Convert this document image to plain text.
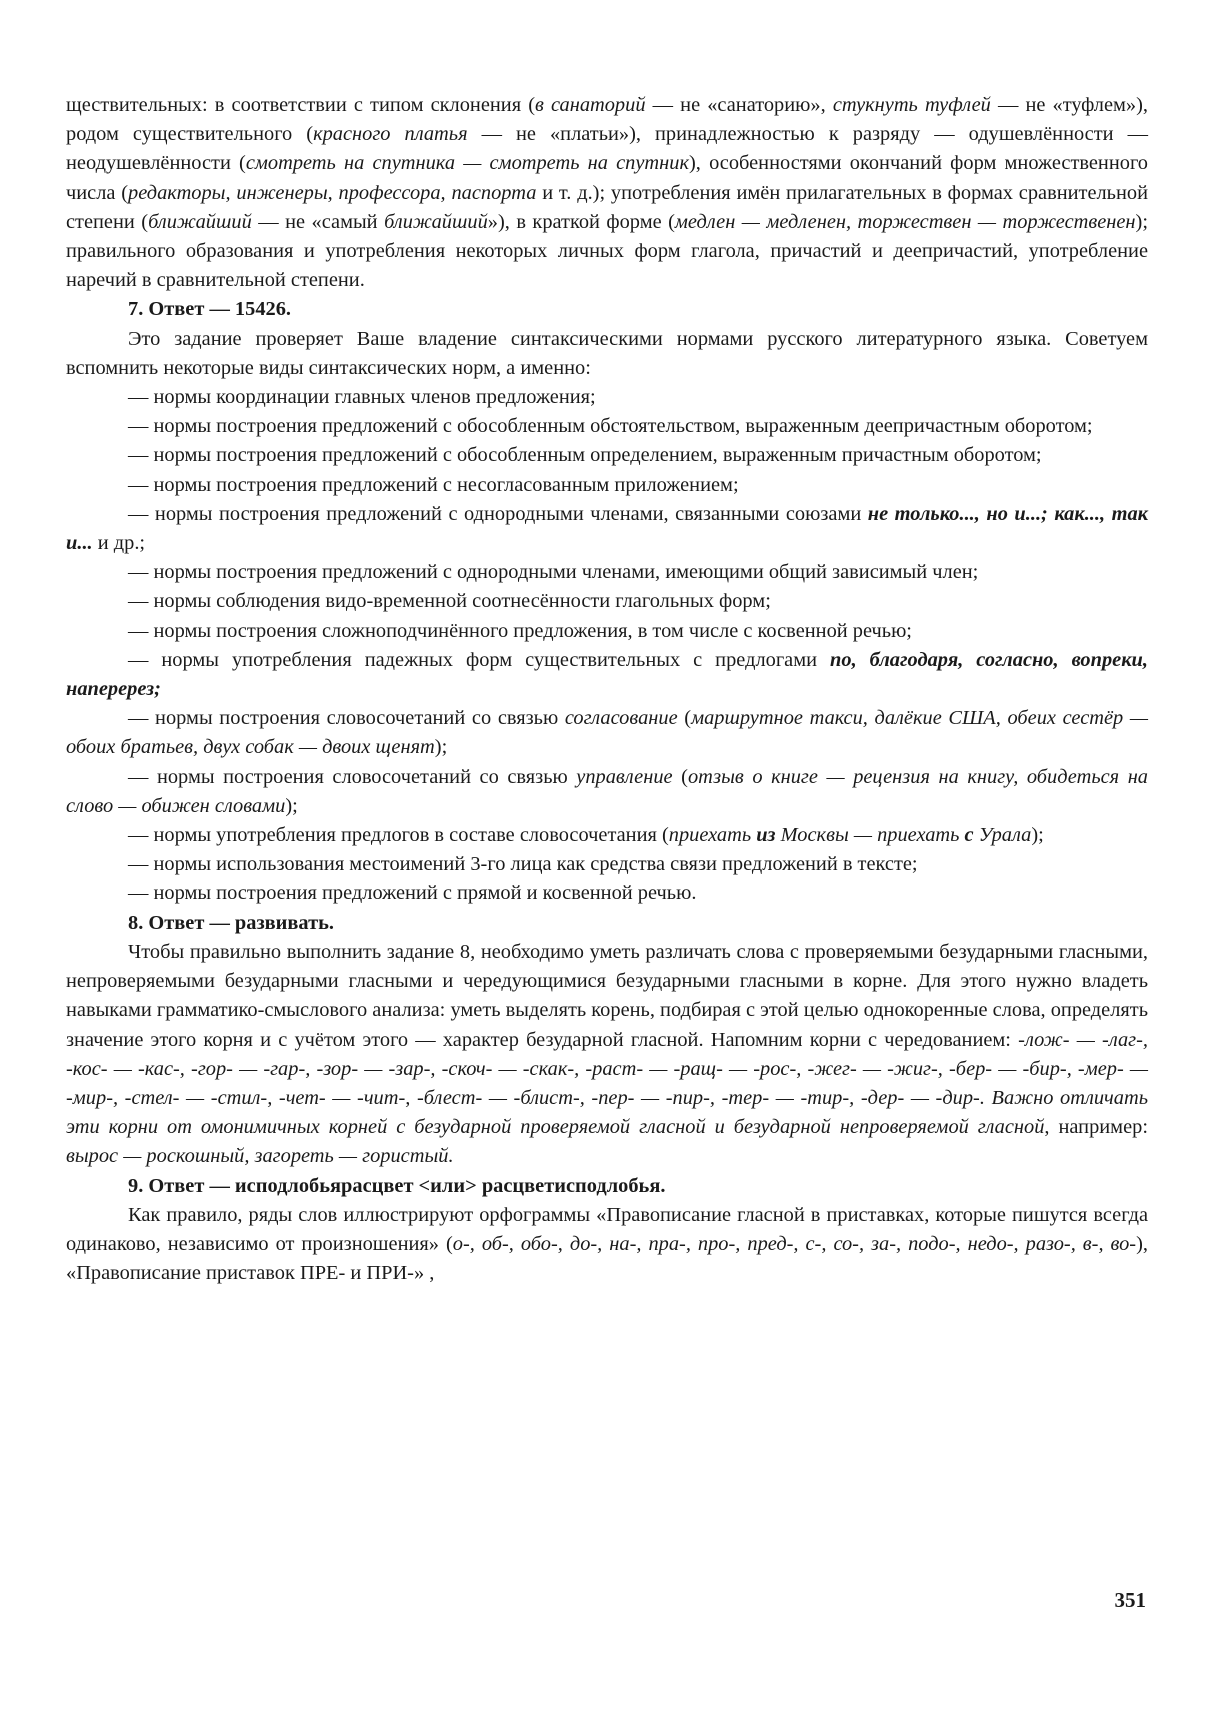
ществительных: в соответствии с типом склонения (в санаторий — не «санаторию», стукнуть туфлей — не «туфлем»), родом существительного (красного платья — не «платьи»), принадлежностью к разряду — одушевлённости — неодушевлённости (смотреть на спутника — смотреть на спутник), особенностями окончаний форм множественного числа (редакторы, инженеры, профессора, паспорта и т. д.); употребления имён прилагательных в формах сравнительной степени (ближайший — не «самый ближайший»), в краткой форме (медлен — медленен, торжествен — торжественен); правильного образования и употребления некоторых личных форм глагола, причастий и деепричастий, употребление наречий в сравнительной степени.

7. Ответ — 15426.

Это задание проверяет Ваше владение синтаксическими нормами русского литературного языка. Советуем вспомнить некоторые виды синтаксических норм, а именно:

— нормы координации главных членов предложения;

— нормы построения предложений с обособленным обстоятельством, выраженным деепричастным оборотом;

— нормы построения предложений с обособленным определением, выраженным причастным оборотом;

— нормы построения предложений с несогласованным приложением;

— нормы построения предложений с однородными членами, связанными союзами не только..., но и...; как..., так и... и др.;

— нормы построения предложений с однородными членами, имеющими общий зависимый член;

— нормы соблюдения видо-временной соотнесённости глагольных форм;

— нормы построения сложноподчинённого предложения, в том числе с косвенной речью;

— нормы употребления падежных форм существительных с предлогами по, благодаря, согласно, вопреки, наперерез;

— нормы построения словосочетаний со связью согласование (маршрутное такси, далёкие США, обеих сестёр — обоих братьев, двух собак — двоих щенят);

— нормы построения словосочетаний со связью управление (отзыв о книге — рецензия на книгу, обидеться на слово — обижен словами);

— нормы употребления предлогов в составе словосочетания (приехать из Москвы — приехать с Урала);

— нормы использования местоимений 3-го лица как средства связи предложений в тексте;

— нормы построения предложений с прямой и косвенной речью.

8. Ответ — развивать.

Чтобы правильно выполнить задание 8, необходимо уметь различать слова с проверяемыми безударными гласными, непроверяемыми безударными гласными и чередующимися безударными гласными в корне. Для этого нужно владеть навыками грамматико-смыслового анализа: уметь выделять корень, подбирая с этой целью однокоренные слова, определять значение этого корня и с учётом этого — характер безударной гласной. Напомним корни с чередованием: -лож- — -лаг-, -кос- — -кас-, -гор- — -гар-, -зор- — -зар-, -скоч- — -скак-, -раст- — -ращ- — -рос-, -жег- — -жиг-, -бер- — -бир-, -мер- — -мир-, -стел- — -стил-, -чет- — -чит-, -блест- — -блист-, -пер- — -пир-, -тер- — -тир-, -дер- — -дир-. Важно отличать эти корни от омонимичных корней с безударной проверяемой гласной и безударной непроверяемой гласной, например: вырос — роскошный, загореть — гористый.

9. Ответ — исподлобьярасцвет <или> расцветисподлобья.

Как правило, ряды слов иллюстрируют орфограммы «Правописание гласной в приставках, которые пишутся всегда одинаково, независимо от произношения» (о-, об-, обо-, до-, на-, пра-, про-, пред-, с-, со-, за-, подо-, недо-, разо-, в-, во-), «Правописание приставок ПРЕ- и ПРИ-» ,

351
